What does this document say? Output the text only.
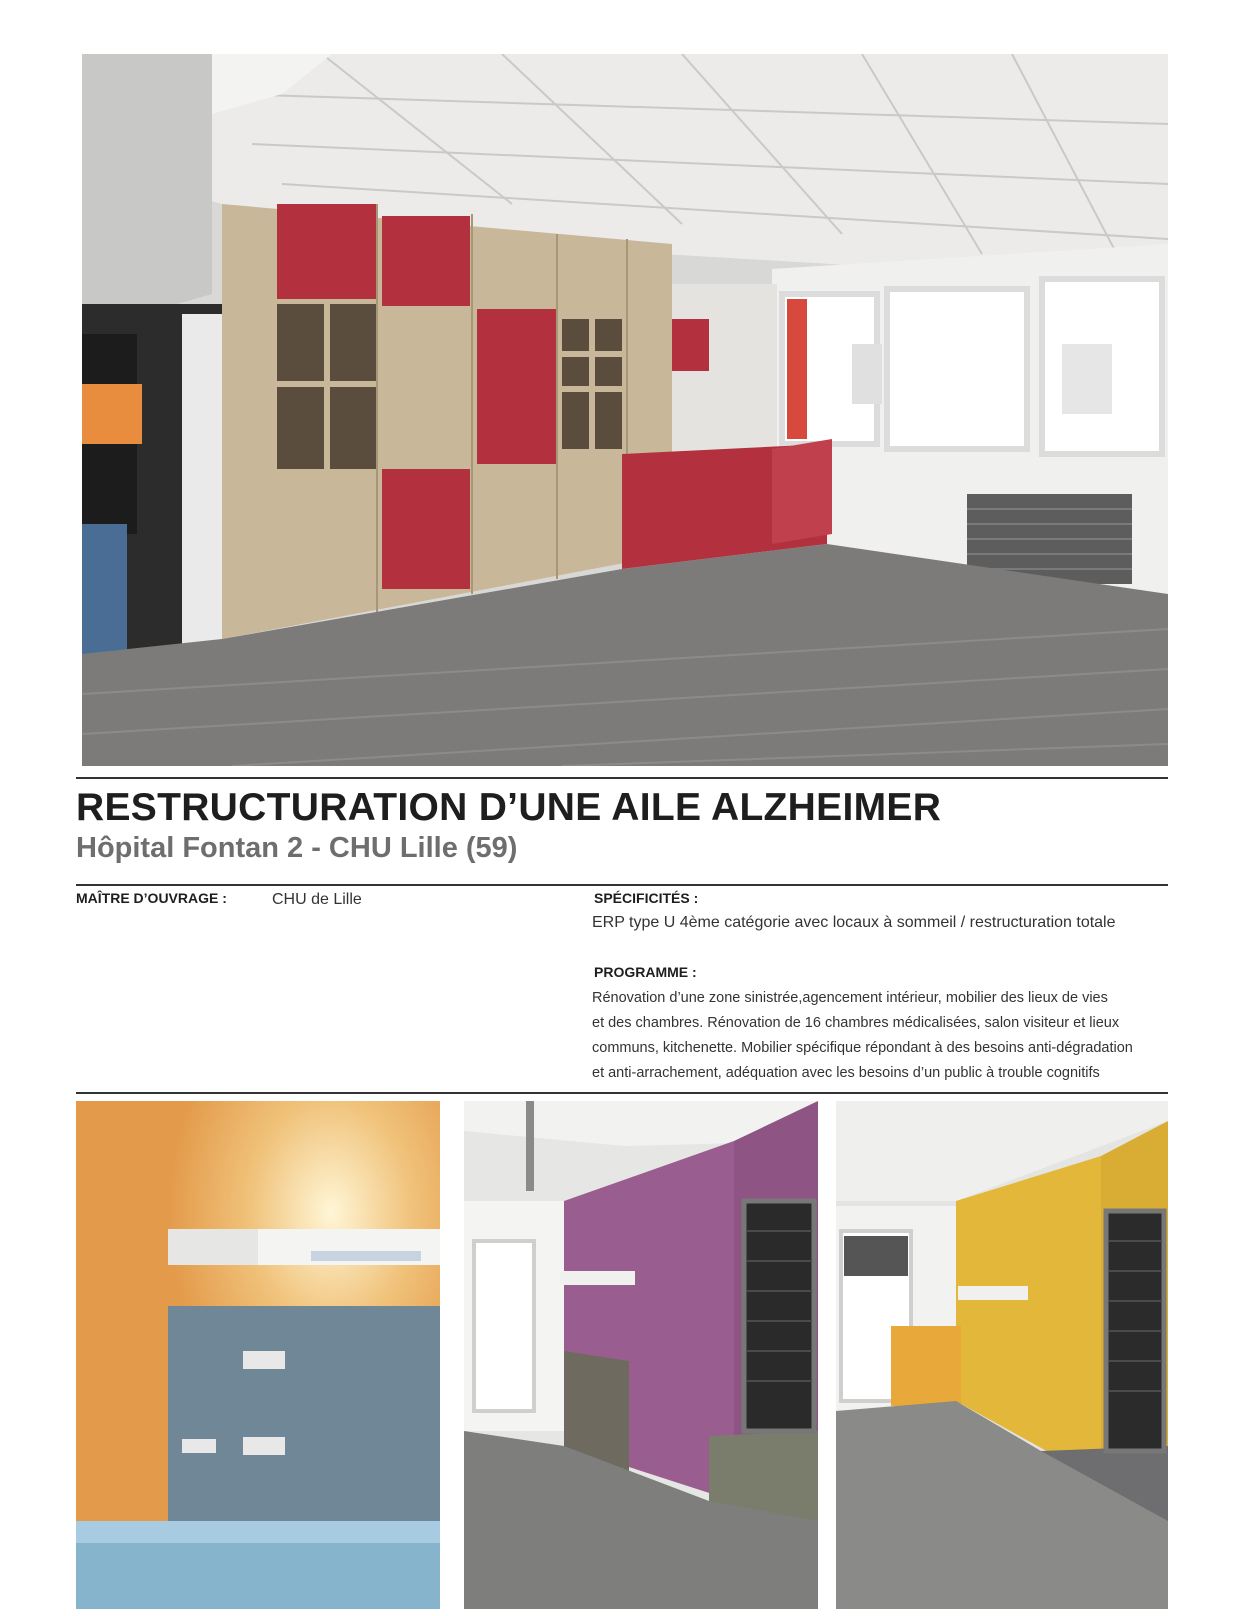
RESTRUCTURATION D’UNE AILE ALZHEIMER
Hôpital Fontan 2 - CHU Lille (59)
MAÎTRE D’OUVRAGE :	CHU de Lille	SPÉCIFICITÉS :
ERP type U 4ème catégorie avec locaux à sommeil / restructuration totale
PROGRAMME :
Rénovation d’une zone sinistrée,agencement intérieur, mobilier des lieux de vies
et des chambres. Rénovation de 16 chambres médicalisées, salon visiteur et lieux
communs, kitchenette. Mobilier spécifique répondant à des besoins anti-dégradation
et anti-arrachement, adéquation avec les besoins d’un public à trouble cognitifs
